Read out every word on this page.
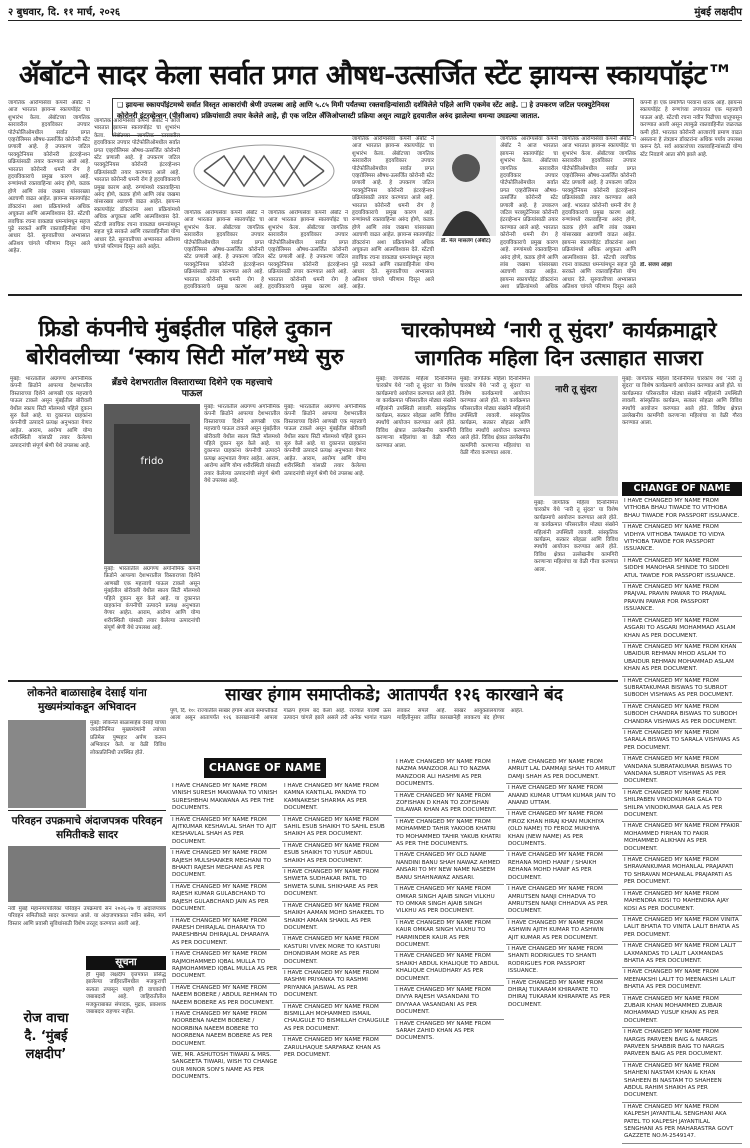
२ बुधवार, दि. ११ मार्च, २०२६	मुंबई लक्षदीप
ॲबॉटने सादर केला सर्वात प्रगत औषध-उत्सर्जित स्टेंट झायन्स स्कायपॉइंट™
जागतिक आरोग्यसेवा कंपनी ॲबॉट ने आज भारतात झायन्स स्कायपॉइंट चा शुभारंभ केला. ॲबॉटच्या जागतिक स्तरावरील हृदयविकार उपचार पोर्टफोलिओमधील सर्वात प्रगत एव्हरोलिमस औषध-उत्सर्जित कोरोनरी स्टेंट प्रणाली आहे. हे उपकरण जटिल परक्युटेनियस कोरोनरी इंटरव्हेन्शन प्रक्रियांसाठी तयार करण्यात आले आहे. भारतात कोरोनरी धमनी रोग हे हृदयविकाराचे प्रमुख कारण आहे. रुग्णांमध्ये रक्तवाहिन्या अरुंद होणे, कडक होणे आणि लांब जखमा यांसारख्या अडचणी वाढत आहेत. झायन्स स्कायपॉइंट डॉक्टरांना अशा प्रक्रियांमध्ये अधिक अचूकता आणि आत्मविश्वास देते. स्टेंटची लवचिक रचना वाकड्या धमन्यांमधून सहज पुढे सरकते आणि रक्तवाहिनीला योग्य आधार देते. सुरुवातीच्या अभ्यासात अतिशय चांगले परिणाम दिसून आले आहेत.
जागतिक आरोग्यसेवा कंपनी ॲबॉट ने आज भारतात झायन्स स्कायपॉइंट चा शुभारंभ केला. ॲबॉटच्या जागतिक स्तरावरील हृदयविकार उपचार पोर्टफोलिओमधील सर्वात प्रगत एव्हरोलिमस औषध-उत्सर्जित कोरोनरी स्टेंट प्रणाली आहे. हे उपकरण जटिल परक्युटेनियस कोरोनरी इंटरव्हेन्शन प्रक्रियांसाठी तयार करण्यात आले आहे. भारतात कोरोनरी धमनी रोग हे हृदयविकाराचे प्रमुख कारण आहे. रुग्णांमध्ये रक्तवाहिन्या अरुंद होणे, कडक होणे आणि लांब जखमा यांसारख्या अडचणी वाढत आहेत. झायन्स स्कायपॉइंट डॉक्टरांना अशा प्रक्रियांमध्ये अधिक अचूकता आणि आत्मविश्वास देते. स्टेंटची लवचिक रचना वाकड्या धमन्यांमधून सहज पुढे सरकते आणि रक्तवाहिनीला योग्य आधार देते. सुरुवातीच्या अभ्यासात अतिशय चांगले परिणाम दिसून आले आहेत.
❑ झायन्स स्कायपॉइंटमध्ये सर्वात विस्तृत आकारांची श्रेणी उपलब्ध आहे आणि ५.८५ मिमी पर्यंतच्या रक्तवाहिन्यांसाठी दर्शविलेले पहिले आणि एकमेव स्टेंट आहे. ❑ हे उपकरण जटिल परक्युटेनियस कोरोनरी इंटरव्हेन्शन (पीसीआय) प्रक्रियांसाठी तयार केलेले आहे, ही एक जटिल अँजिओप्लास्टी प्रक्रिया असून त्याद्वारे हृदयातील अरुंद झालेल्या धमन्या उघडल्या जातात.
जागतिक आरोग्यसेवा कंपनी ॲबॉट ने आज भारतात झायन्स स्कायपॉइंट चा शुभारंभ केला. ॲबॉटच्या जागतिक स्तरावरील हृदयविकार उपचार पोर्टफोलिओमधील सर्वात प्रगत एव्हरोलिमस औषध-उत्सर्जित कोरोनरी स्टेंट प्रणाली आहे. हे उपकरण जटिल परक्युटेनियस कोरोनरी इंटरव्हेन्शन प्रक्रियांसाठी तयार करण्यात आले आहे. भारतात कोरोनरी धमनी रोग हे हृदयविकाराचे प्रमुख कारण आहे.
जागतिक आरोग्यसेवा कंपनी ॲबॉट ने आज भारतात झायन्स स्कायपॉइंट चा शुभारंभ केला. ॲबॉटच्या जागतिक स्तरावरील हृदयविकार उपचार पोर्टफोलिओमधील सर्वात प्रगत एव्हरोलिमस औषध-उत्सर्जित कोरोनरी स्टेंट प्रणाली आहे. हे उपकरण जटिल परक्युटेनियस कोरोनरी इंटरव्हेन्शन प्रक्रियांसाठी तयार करण्यात आले आहे. भारतात कोरोनरी धमनी रोग हे हृदयविकाराचे प्रमुख कारण आहे.
जागतिक आरोग्यसेवा कंपनी ॲबॉट ने आज भारतात झायन्स स्कायपॉइंट चा शुभारंभ केला. ॲबॉटच्या जागतिक स्तरावरील हृदयविकार उपचार पोर्टफोलिओमधील सर्वात प्रगत एव्हरोलिमस औषध-उत्सर्जित कोरोनरी स्टेंट प्रणाली आहे. हे उपकरण जटिल परक्युटेनियस कोरोनरी इंटरव्हेन्शन प्रक्रियांसाठी तयार करण्यात आले आहे. भारतात कोरोनरी धमनी रोग हे हृदयविकाराचे प्रमुख कारण आहे. रुग्णांमध्ये रक्तवाहिन्या अरुंद होणे, कडक होणे आणि लांब जखमा यांसारख्या अडचणी वाढत आहेत. झायन्स स्कायपॉइंट डॉक्टरांना अशा प्रक्रियांमध्ये अधिक अचूकता आणि आत्मविश्वास देते. स्टेंटची लवचिक रचना वाकड्या धमन्यांमधून सहज पुढे सरकते आणि रक्तवाहिनीला योग्य आधार देते. सुरुवातीच्या अभ्यासात अतिशय चांगले परिणाम दिसून आले आहेत.
डॉ. मेल मासलेग (ॲबॉट)
जागतिक आरोग्यसेवा कंपनी ॲबॉट ने आज भारतात झायन्स स्कायपॉइंट चा शुभारंभ केला. ॲबॉटच्या जागतिक स्तरावरील हृदयविकार उपचार पोर्टफोलिओमधील सर्वात प्रगत एव्हरोलिमस औषध-उत्सर्जित कोरोनरी स्टेंट प्रणाली आहे. हे उपकरण जटिल परक्युटेनियस कोरोनरी इंटरव्हेन्शन प्रक्रियांसाठी तयार करण्यात आले आहे. भारतात कोरोनरी धमनी रोग हे हृदयविकाराचे प्रमुख कारण आहे. रुग्णांमध्ये रक्तवाहिन्या अरुंद होणे, कडक होणे आणि लांब जखमा यांसारख्या अडचणी वाढत आहेत. झायन्स स्कायपॉइंट डॉक्टरांना अशा प्रक्रियांमध्ये अधिक
जागतिक आरोग्यसेवा कंपनी ॲबॉट ने आज भारतात झायन्स स्कायपॉइंट चा शुभारंभ केला. ॲबॉटच्या जागतिक स्तरावरील हृदयविकार उपचार पोर्टफोलिओमधील सर्वात प्रगत एव्हरोलिमस औषध-उत्सर्जित कोरोनरी स्टेंट प्रणाली आहे. हे उपकरण जटिल परक्युटेनियस कोरोनरी इंटरव्हेन्शन प्रक्रियांसाठी तयार करण्यात आले आहे. भारतात कोरोनरी धमनी रोग हे हृदयविकाराचे प्रमुख कारण आहे. रुग्णांमध्ये रक्तवाहिन्या अरुंद होणे, कडक होणे आणि लांब जखमा यांसारख्या अडचणी वाढत आहेत. झायन्स स्कायपॉइंट डॉक्टरांना अशा प्रक्रियांमध्ये अधिक अचूकता आणि आत्मविश्वास देते. स्टेंटची लवचिक रचना वाकड्या धमन्यांमधून सहज पुढे सरकते आणि रक्तवाहिनीला योग्य आधार देते. सुरुवातीच्या अभ्यासात अतिशय चांगले परिणाम दिसून आले
कंपनी हा एक प्रमाणित परवाना धारक आहे. झायन्स स्कायपॉइंट हे रुग्णांच्या उपचारात एक महत्त्वाचे पाऊल आहे. स्टेंटची रचना नवीन पिढीच्या धातूपासून करण्यात आली असून त्यामुळे रक्तवाहिनीत जळजळ कमी होते. भारतात कोरोनरी आजारांचे प्रमाण वाढत असताना हे तंत्रज्ञान डॉक्टरांना अधिक पर्याय उपलब्ध करून देते. सर्व आकारांच्या रक्तवाहिन्यांसाठी योग्य स्टेंट निवडणे आता सोपे झाले आहे.
डॉ. संजय ओझा
फ्रिडो कंपनीचे मुंबईतील पहिले दुकान बोरीवलीच्या ‘स्काय सिटी मॉल’मध्ये सुरु
मुंबई: भारतातील अग्रगण्य अर्गोनॉमिक कंपनी फ्रिडोने आपल्या देशभरातील विस्ताराच्या दिशेने आणखी एक महत्त्वाचे पाऊल टाकले असून मुंबईतील बोरीवली येथील स्काय सिटी मॉलमध्ये पहिले दुकान सुरु केले आहे. या दुकानात ग्राहकांना कंपनीची उत्पादने प्रत्यक्ष अनुभवता येणार आहेत. आराम, आरोग्य आणि योग्य शरीरस्थिती यांसाठी तयार केलेल्या उत्पादनांची संपूर्ण श्रेणी येथे उपलब्ध आहे.
ब्रँडचे देशभरातील विस्ताराच्या दिशेने एक महत्त्वाचे पाऊल
frido
मुंबई: भारतातील अग्रगण्य अर्गोनॉमिक कंपनी फ्रिडोने आपल्या देशभरातील विस्ताराच्या दिशेने आणखी एक महत्त्वाचे पाऊल टाकले असून मुंबईतील बोरीवली येथील स्काय सिटी मॉलमध्ये पहिले दुकान सुरु केले आहे. या दुकानात ग्राहकांना कंपनीची उत्पादने प्रत्यक्ष अनुभवता येणार आहेत. आराम, आरोग्य आणि योग्य शरीरस्थिती यांसाठी तयार केलेल्या उत्पादनांची संपूर्ण श्रेणी येथे उपलब्ध आहे.
मुंबई: भारतातील अग्रगण्य अर्गोनॉमिक कंपनी फ्रिडोने आपल्या देशभरातील विस्ताराच्या दिशेने आणखी एक महत्त्वाचे पाऊल टाकले असून मुंबईतील बोरीवली येथील स्काय सिटी मॉलमध्ये पहिले दुकान सुरु केले आहे. या दुकानात ग्राहकांना कंपनीची उत्पादने प्रत्यक्ष अनुभवता येणार आहेत. आराम, आरोग्य आणि योग्य शरीरस्थिती यांसाठी तयार केलेल्या उत्पादनांची संपूर्ण श्रेणी येथे उपलब्ध आहे.
मुंबई: भारतातील अग्रगण्य अर्गोनॉमिक कंपनी फ्रिडोने आपल्या देशभरातील विस्ताराच्या दिशेने आणखी एक महत्त्वाचे पाऊल टाकले असून मुंबईतील बोरीवली येथील स्काय सिटी मॉलमध्ये पहिले दुकान सुरु केले आहे. या दुकानात ग्राहकांना कंपनीची उत्पादने प्रत्यक्ष अनुभवता येणार आहेत. आराम, आरोग्य आणि योग्य शरीरस्थिती यांसाठी तयार केलेल्या उत्पादनांची संपूर्ण श्रेणी येथे उपलब्ध आहे.
चारकोपमध्ये ‘नारी तू सुंदरा’ कार्यक्रमाद्वारे जागतिक महिला दिन उत्साहात साजरा
मुंबई: जागतिक महिला दिनानिमित्त चारकोप येथे ‘नारी तू सुंदरा’ या विशेष कार्यक्रमाचे आयोजन करण्यात आले होते. या कार्यक्रमात परिसरातील मोठ्या संख्येने महिलांनी उपस्थिती लावली. सांस्कृतिक कार्यक्रम, सत्कार सोहळा आणि विविध स्पर्धांचे आयोजन करण्यात आले होते. विविध क्षेत्रात उल्लेखनीय कामगिरी करणाऱ्या महिलांचा या वेळी गौरव करण्यात आला.
मुंबई: जागतिक महिला दिनानिमित्त चारकोप येथे ‘नारी तू सुंदरा’ या विशेष कार्यक्रमाचे आयोजन करण्यात आले होते. या कार्यक्रमात परिसरातील मोठ्या संख्येने महिलांनी उपस्थिती लावली. सांस्कृतिक कार्यक्रम, सत्कार सोहळा आणि विविध स्पर्धांचे आयोजन करण्यात आले होते. विविध क्षेत्रात उल्लेखनीय कामगिरी करणाऱ्या महिलांचा या वेळी गौरव करण्यात आला.
नारी तू सुंदरा
मुंबई: जागतिक महिला दिनानिमित्त चारकोप येथे ‘नारी तू सुंदरा’ या विशेष कार्यक्रमाचे आयोजन करण्यात आले होते. या कार्यक्रमात परिसरातील मोठ्या संख्येने महिलांनी उपस्थिती लावली. सांस्कृतिक कार्यक्रम, सत्कार सोहळा आणि विविध स्पर्धांचे आयोजन करण्यात आले होते. विविध क्षेत्रात उल्लेखनीय कामगिरी करणाऱ्या महिलांचा या वेळी गौरव करण्यात आला.
मुंबई: जागतिक महिला दिनानिमित्त चारकोप येथे ‘नारी तू सुंदरा’ या विशेष कार्यक्रमाचे आयोजन करण्यात आले होते. या कार्यक्रमात परिसरातील मोठ्या संख्येने महिलांनी उपस्थिती लावली. सांस्कृतिक कार्यक्रम, सत्कार सोहळा आणि विविध स्पर्धांचे आयोजन करण्यात आले होते. विविध क्षेत्रात उल्लेखनीय कामगिरी करणाऱ्या महिलांचा या वेळी गौरव करण्यात आला.
CHANGE OF NAME
I HAVE CHANGED MY NAME FROM VITHOBA BHAU TIWADE TO VITHOBA BHAU TIWADE FOR PASSPORT ISSUANCE.
I HAVE CHANGED MY NAME FROM VIDHYA VITHOBA TAWADE TO VIDYA VITHOBA TAWDE FOR PASSPORT ISSUANCE.
I HAVE CHANGED MY NAME FROM SIDDHI MANOHAR SHINDE TO SIDDHI ATUL TAWDE FOR PASSPORT ISSUANCE.
I HAVE CHANGED MY NAME FROM PRAJVAL PRAVIN PAWAR TO PRAJWAL PRAVIN PAWAR FOR PASSPORT ISSUANCE.
I HAVE CHANGED MY NAME FROM ASGARI TO ASGARI MOHAMMAD ASLAM KHAN AS PER DOCUMENT.
I HAVE CHANGED MY NAME FROM KHAN UBAIDUR REHMAN MHOD ASLAM TO UBAIDUR REHMAN MOHAMMAD ASLAM KHAN AS PER DOCUMENT.
I HAVE CHANGED MY NAME FROM SUBRATAKUMAR BISWAS TO SUBROT SUBODH VISHWAS AS PER DOCUMENT.
I HAVE CHANGED MY NAME FROM SUBODH CHANDRA BISWAS TO SUBODH CHANDRA VISHWAS AS PER DOCUMENT.
I HAVE CHANGED MY NAME FROM SARALA BISWAS TO SARALA VISHWAS AS PER DOCUMENT.
I HAVE CHANGED MY NAME FROM VANDANA SUBRATAKUMAR BISWAS TO VANDANA SUBROT VISHWAS AS PER DOCUMENT.
I HAVE CHANGED MY NAME FROM SHILPABEN VINODKUMAR GALA TO SHILPA VINODKUMAR GALA AS PER DOCUMENT.
I HAVE CHANGED MY NAME FROM FFAKIR MOHAMMED FIRHAN TO FAKIR MOHAMMED ALIKHAN AS PER DOCUMENT.
I HAVE CHANGED MY NAME FROM SHRAVANKUMAR MOHANLAL PRAJAPATI TO SHRAVAN MOHANLAL PRAJAPATI AS PER DOCUMENT.
I HAVE CHANGED MY NAME FROM MAHENDRA KOSI TO MAHENDRA AJAY KOSI AS PER DOCUMENT.
I HAVE CHANGED MY NAME FROM VINITA LALIT BHATIA TO VINITA LALIT BHATIA AS PER DOCUMENT.
I HAVE CHANGED MY NAME FROM LALIT LAXMANDAS TO LALIT LAXMANDAS BHATIA AS PER DOCUMENT.
I HAVE CHANGED MY NAME FROM MEENAKSHI LALIT TO MEENAKSHI LALIT BHATIA AS PER DOCUMENT.
I HAVE CHANGED MY NAME FROM ZUBAIR KHAN MOHAMMED ZUBAIR MOHAMMAD YUSUF KHAN AS PER DOCUMENT.
I HAVE CHANGED MY NAME FROM NARGIS PARVEEN BAIG & NARGIS PARVEEN SHABBIR BAIG TO NARGIS PARVEEN BAIG AS PER DOCUMENT.
I HAVE CHANGED MY NAME FROM SHAHENI NASTAM KHAN & KHAN SHAHEEN BI NASTAM TO SHAHEEN ABDUL RAHIM SHAIKH AS PER DOCUMENT.
I HAVE CHANGED MY NAME FROM KALPESH JAYANTILAL SENGHANI AKA PATEL TO KALPESH JAYANTILAL SENGHANI AS PER MAHARASTRA GOVT GAZZETE NO.M-2549147.
लोकनेते बाळासाहेब देसाई यांना मुख्यमंत्र्यांकडून अभिवादन
मुंबई: लोकनेते बाळासाहेब देसाई यांच्या जयंतीनिमित्त मुख्यमंत्र्यांनी त्यांच्या प्रतिमेस पुष्पहार अर्पण करून अभिवादन केले. या वेळी विविध लोकप्रतिनिधी उपस्थित होते.
परिवहन उपक्रमाचे अंदाजपत्रक परिवहन समितीकडे सादर
नवी मुंबई महानगरपालिका परिवहन उपक्रमाचे सन २०२६-२७ चे अंदाजपत्रक परिवहन समितीकडे सादर करण्यात आले. या अंदाजपत्रकात नवीन बसेस, मार्ग विस्तार आणि प्रवासी सुविधांसाठी विशेष तरतूद करण्यात आली आहे.
सूचना
ही मुंबई लक्षदीप वृत्तपत्रात प्रसिद्ध झालेल्या जाहिरातींमधील मजकुराची सत्यता तपासून पाहणे ही वाचकांची जबाबदारी आहे. जाहिरातीतील मजकुराबाबत संपादक, मुद्रक, प्रकाशक जबाबदार राहणार नाहीत.
रोज वाचा
दै. ‘मुंबई
लक्षदीप’
साखर हंगाम समाप्तीकडे; आतापर्यंत १२६ कारखाने बंद
पुणे, दि. १०: राज्यातील साखर हंगाम आता समाप्तीकडे आला असून आतापर्यंत १२६ कारखान्यांनी आपला गाळप हंगाम बंद केला आहे. राज्यात यावर्षी ऊस उत्पादन चांगले झाले असले तरी अनेक भागांत गाळप लवकर संपले आहे. साखर आयुक्तालयाच्या माहितीनुसार उर्वरित कारखानेही लवकरच बंद होणार आहेत.
CHANGE OF NAME
I HAVE CHANGED MY NAME FROM VINISH SURESH MAKWANA TO VINISH SURESHBHAI MAKWANA AS PER THE DOCUMENTS.
I HAVE CHANGED MY NAME FROM AJITKUMAR KESHAVLAL SHAH TO AJIT KESHAVLAL SHAH AS PER DOCUMENT.
I HAVE CHANGED MY NAME FROM RAJESH MULSHANKER MEGHANI TO BHAKTI RAJESH MEGHANI AS PER DOCUMENT.
I HAVE CHANGED MY NAME FROM RAJESH KUMAR GULABCHAND TO RAJESH GULABCHAND JAIN AS PER DOCUMENT.
I HAVE CHANGED MY NAME FROM PARESH DHIRAJLAL DHARAIYA TO PARESHBHAI DHIRAJLAL DHARAIYA AS PER DOCUMENT.
I HAVE CHANGED MY NAME FROM RAJMOHAMMED IQBAL MULLA TO RAJMOHAMMED IQBAL MULLA AS PER DOCUMENT.
I HAVE CHANGED MY NAME FROM NAEEM BOBERE / ABDUL REHMAN TO NAEEM BOBERE AS PER DOCUMENT.
I HAVE CHANGED MY NAME FROM NOORBENA NAEEM BOBERE / NOORBINA NAEEM BOBERE TO NOORBENA NAEEM BOBERE AS PER DOCUMENT.
WE, MR. ASHUTOSH TIWARI & MRS. SANGEETA TIWARI, WISH TO CHANGE OUR MINOR SON'S NAME AS PER DOCUMENTS.
I HAVE CHANGED MY NAME FROM KAMNA KANTILAL PANDYA TO KAMNAKESH SHARMA AS PER DOCUMENT.
I HAVE CHANGED MY NAME FROM SAHIL ESUB SHAIKH TO SAHIL ESUB SHAIKH AS PER DOCUMENT.
I HAVE CHANGED MY NAME FROM ESUB SHAIKH TO YUSUF ABDUL SHAIKH AS PER DOCUMENT.
I HAVE CHANGED MY NAME FROM SHWETA SUDHAKAR PATIL TO SHWETA SUNIL SHIKHARE AS PER DOCUMENT.
I HAVE CHANGED MY NAME FROM SHAIKH AAMAN MOHD SHAKEEL TO SHAIKH AMAAN SHAKIL AS PER DOCUMENT.
I HAVE CHANGED MY NAME FROM KASTURI VIVEK MORE TO KASTURI DHONDIRAM MORE AS PER DOCUMENT.
I HAVE CHANGED MY NAME FROM RASHMI PRIYANKA TO RASHMI PRIYANKA JAISWAL AS PER DOCUMENT.
I HAVE CHANGED MY NAME FROM BISMILLAH MOHAMMED ISMAIL CHAUGULE TO BISMILLAH CHAUGULE AS PER DOCUMENT.
I HAVE CHANGED MY NAME FROM ZARULHAQUE SARFARAZ KHAN AS PER DOCUMENT.
I HAVE CHANGED MY NAME FROM NAZMA MANZOOR ALI TO NAZMA MANZOOR ALI HASHMI AS PER DOCUMENTS.
I HAVE CHANGED MY NAME FROM ZOFISHAN D KHAN TO ZOFISHAN DILAWAR KHAN AS PER DOCUMENT.
I HAVE CHANGED MY NAME FROM MOHAMMED TAHIR YAKOOB KHATRI TO MOHAMMED TAHIR YAKUB KHATRI AS PER THE DOCUMENTS.
I HAVE CHANGED MY OLD NAME NANDINI BANU SHAH NAWAZ AHMED ANSARI TO MY NEW NAME NASEEM BANU SHAHNAWAZ ANSARI.
I HAVE CHANGED MY NAME FROM OMKAR SINGH AJAIB SINGH VILKHU TO OMKAR SINGH AJAIB SINGH VILKHU AS PER DOCUMENT.
I HAVE CHANGED MY NAME FROM KAUR OMKAR SINGH VILKHU TO HARMINDER KAUR AS PER DOCUMENT.
I HAVE CHANGED MY NAME FROM SHAIKH ABDUL KHALIQUE TO ABDUL KHALIQUE CHAUDHARY AS PER DOCUMENT.
I HAVE CHANGED MY NAME FROM DIVYA RAJESH VASANDANI TO DIVYAAA VASANDANI AS PER DOCUMENT.
I HAVE CHANGED MY NAME FROM SARAH ZAHID KHAN AS PER DOCUMENTS.
I HAVE CHANGED MY NAME FROM AMRUT LAL DAMMAJI SHAH TO AMRUT DAMJI SHAH AS PER DOCUMENT.
I HAVE CHANGED MY NAME FROM ANAND KUMAR UTTAM KUMAR JAIN TO ANAND UTTAM.
I HAVE CHANGED MY NAME FROM FIROZ KHAN HIRAJ KHAN MUKHIYA (OLD NAME) TO FEROZ MUKHIYA KHAN (NEW NAME) AS PER DOCUMENTS.
I HAVE CHANGED MY NAME FROM REHANA MOHD HANIF / SHAIKH REHANA MOHD HANIF AS PER DOCUMENT.
I HAVE CHANGED MY NAME FROM AMRUTSEN NANJI CHHADVA TO AMRUTSEN NANJI CHHADVA AS PER DOCUMENT.
I HAVE CHANGED MY NAME FROM ASHWIN AJITH KUMAR TO ASHWIN AJIT KUMAR AS PER DOCUMENT.
I HAVE CHANGED MY NAME FROM SHANTI RODRIGUES TO SHANTI RODRIGUES FOR PASSPORT ISSUANCE.
I HAVE CHANGED MY NAME FROM DHIRAJ TUKARAM KHIRAPATE TO DHIRAJ TUKARAM KHIRAPATE AS PER DOCUMENT.
